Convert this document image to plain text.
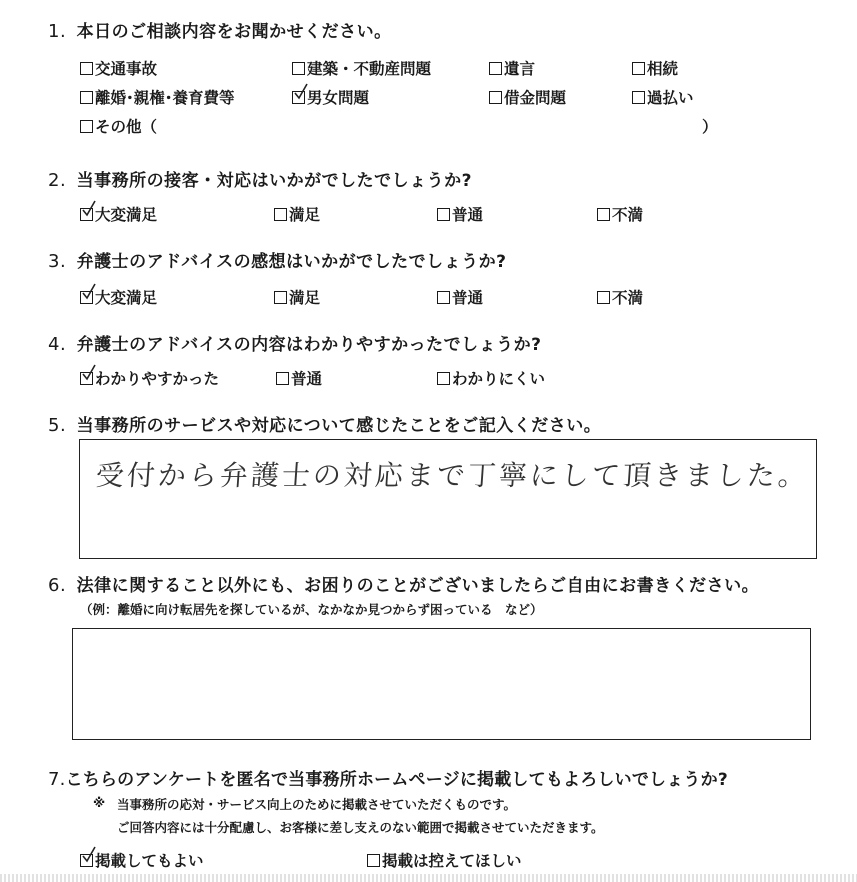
1. 本日のご相談内容をお聞かせください。
交通事故	建築・不動産問題	遺言	相続
離婚･親権･養育費等	男女問題	借金問題	過払い
その他（	）
2. 当事務所の接客・対応はいかがでしたでしょうか?
大変満足	満足	普通	不満
3. 弁護士のアドバイスの感想はいかがでしたでしょうか?
大変満足	満足	普通	不満
4. 弁護士のアドバイスの内容はわかりやすかったでしょうか?
わかりやすかった	普通	わかりにくい
5. 当事務所のサービスや対応について感じたことをご記入ください。
受付から弁護士の対応まで丁寧にして頂きました。
6. 法律に関すること以外にも、お困りのことがございましたらご自由にお書きください。
（例：離婚に向け転居先を探しているが、なかなか見つからず困っている　など）
7.こちらのアンケートを匿名で当事務所ホームページに掲載してもよろしいでしょうか?
※ 当事務所の応対・サービス向上のために掲載させていただくものです。
ご回答内容には十分配慮し、お客様に差し支えのない範囲で掲載させていただきます。
掲載してもよい	掲載は控えてほしい
